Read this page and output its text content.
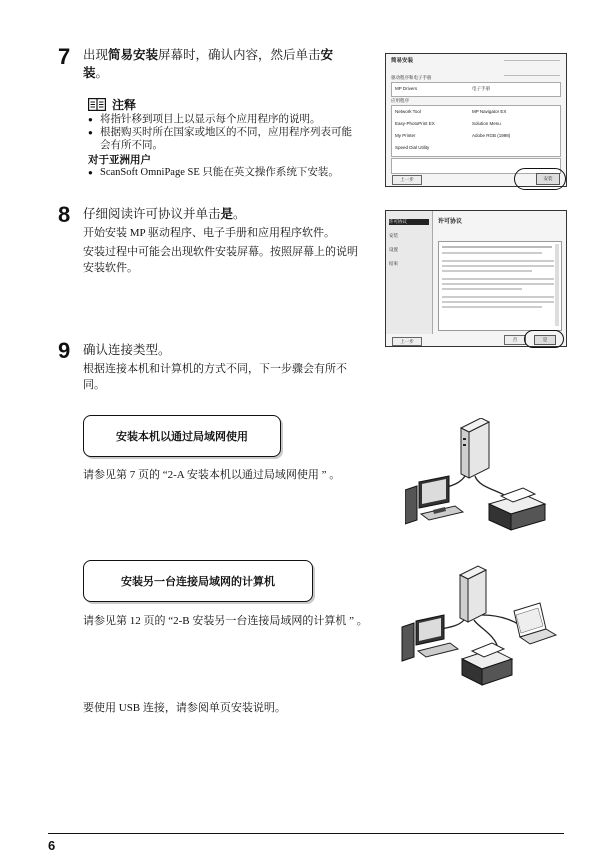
7 出现简易安装屏幕时，确认内容，然后单击安装。
注释
● 将指针移到项目上以显示每个应用程序的说明。
● 根据购买时所在国家或地区的不同，应用程序列表可能会有所不同。
对于亚洲用户
● ScanSoft OmniPage SE 只能在英文操作系统下安装。
简易安装
驱动程序和电子手册
MP Drivers	电子手册
应用程序
Network Tool	MP Navigator EX
Easy-PhotoPrint EX	Solution Menu
My Printer	Adobe RGB (1998)
Speed Dial Utility
上一步	安装
8 仔细阅读许可协议并单击是。
开始安装 MP 驱动程序、电子手册和应用程序软件。
安装过程中可能会出现软件安装屏幕。按照屏幕上的说明安装软件。
许可协议
安装
设置
结束
许可协议
上一步	否	是
9 确认连接类型。
根据连接本机和计算机的方式不同，下一步骤会有所不同。
安装本机以通过局域网使用
请参见第 7 页的 “2-A 安装本机以通过局域网使用 ” 。
安装另一台连接局域网的计算机
请参见第 12 页的 “2-B 安装另一台连接局域网的计算机 ” 。
要使用 USB 连接，请参阅单页安装说明。
6
